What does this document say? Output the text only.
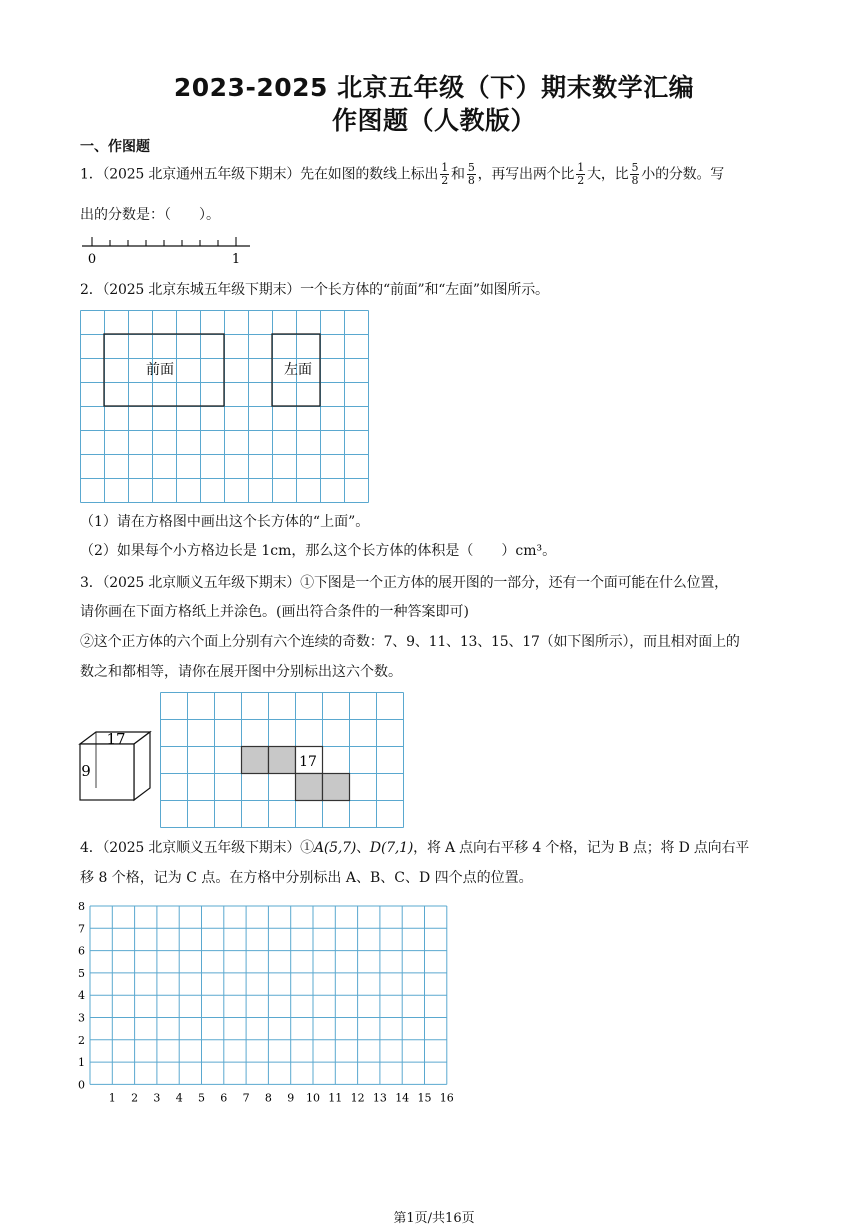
2023-2025 北京五年级（下）期末数学汇编
作图题（人教版）
一、作图题
1．（2025 北京通州五年级下期末）先在如图的数线上标出 $\frac{1}{2}$ 和 $\frac{5}{8}$ ，再写出两个比 $\frac{1}{2}$ 大，比 $\frac{5}{8}$ 小的分数。写
出的分数是：（　　）。
0	1
2．（2025 北京东城五年级下期末）一个长方体的“前面”和“左面”如图所示。
前面	左面
（1）请在方格图中画出这个长方体的“上面”。
（2）如果每个小方格边长是 1cm，那么这个长方体的体积是（　　）cm³。
3．（2025 北京顺义五年级下期末）①下图是一个正方体的展开图的一部分，还有一个面可能在什么位置，
请你画在下面方格纸上并涂色。(画出符合条件的一种答案即可)
②这个正方体的六个面上分别有六个连续的奇数：7、9、11、13、15、17（如下图所示），而且相对面上的
数之和都相等，请你在展开图中分别标出这六个数。
17
9	17
4．（2025 北京顺义五年级下期末）①A(5,7)、D(7,1)，将 A 点向右平移 4 个格，记为 B 点；将 D 点向右平
移 8 个格，记为 C 点。在方格中分别标出 A、B、C、D 四个点的位置。
0
1
2
3
4
5
6
7
8
1 2 3 4 5 6 7 8 9 10 11 12 13 14 15 16
第1页/共16页
